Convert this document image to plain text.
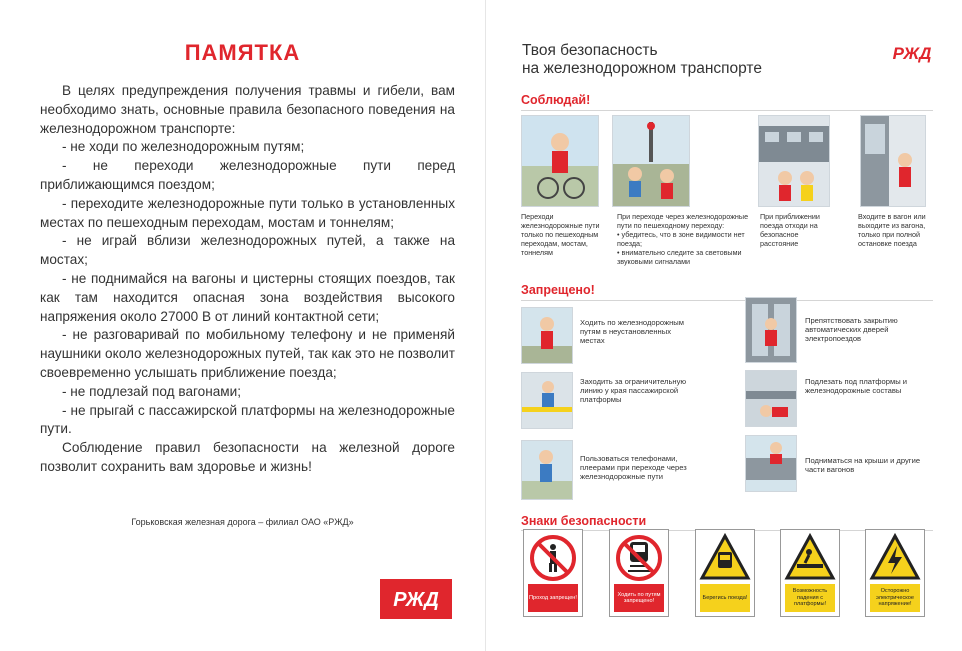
ПАМЯТКА

В целях предупреждения получения травмы и гибели, вам необходимо знать, основные правила безопасного поведения на железнодорожном транспорте:

- не ходи по железнодорожным путям;
- не переходи железнодорожные пути перед приближающимся поездом;
- переходите железнодорожные пути только в установленных местах по пешеходным переходам, мостам и тоннелям;
- не играй вблизи железнодорожных путей, а также на мостах;
- не поднимайся на вагоны и цистерны стоящих поездов, так как там находится опасная зона воздействия высокого напряжения около 27000 В от линий контактной сети;
- не разговаривай по мобильному телефону и не применяй наушники около железнодорожных путей, так как это не позволит своевременно услышать приближение поезда;
- не подлезай под вагонами;
- не прыгай с пассажирской платформы на железнодорожные пути.

Соблюдение правил безопасности на железной дороге позволит сохранить вам здоровье и жизнь!

Горьковская железная дорога – филиал ОАО «РЖД»
РЖД
Твоя безопасность
на железнодорожном транспорте
РЖД
Соблюдай!
Переходи железнодорожные пути только по пешеходным переходам, мостам, тоннелям
При переходе через железнодорожные пути по пешеходному переходу:
• убедитесь, что в зоне видимости нет поезда;
• внимательно следите за световыми звуковыми сигналами
При приближении поезда отходи на безопасное расстояние
Входите в вагон или выходите из вагона, только при полной остановке поезда
Запрещено!
Ходить по железнодорожным путям в неустановленных местах
Заходить за ограничительную линию у края пассажирской платформы
Пользоваться телефонами, плеерами при переходе через железнодорожные пути
Препятствовать закрытию автоматических дверей электропоездов
Подлезать под платформы и железнодорожные составы
Подниматься на крыши и другие части вагонов
Знаки безопасности
Проход запрещен!
Ходить по путям запрещено!
Берегись поезда!
Возможность падения с платформы!
Осторожно электрическое напряжение!
